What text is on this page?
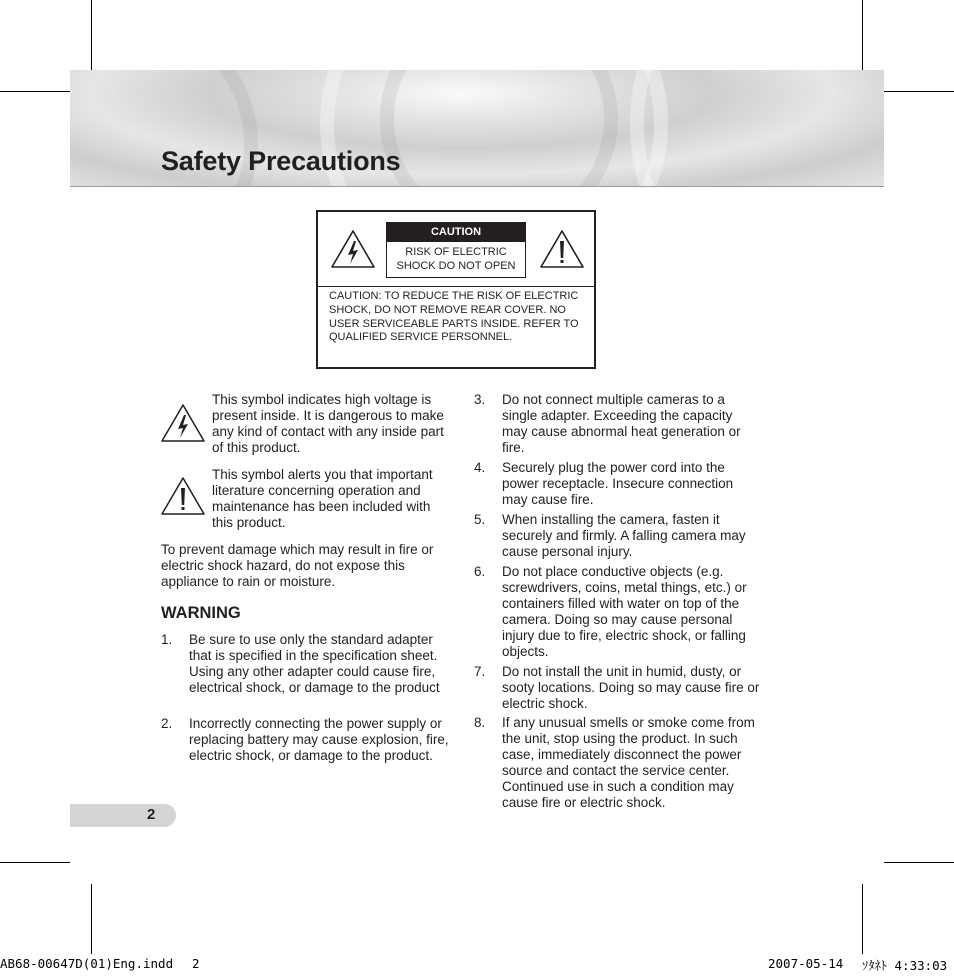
Safety Precautions
CAUTION
RISK OF ELECTRIC SHOCK DO NOT OPEN
CAUTION: TO REDUCE THE RISK OF ELECTRIC SHOCK, DO NOT REMOVE REAR COVER. NO USER SERVICEABLE PARTS INSIDE. REFER TO QUALIFIED SERVICE PERSONNEL.
This symbol indicates high voltage is present inside. It is dangerous to make any kind of contact with any inside part of this product.
This symbol alerts you that important literature concerning operation and maintenance has been included with this product.
To prevent damage which may result in fire or electric shock hazard, do not expose this appliance to rain or moisture.
WARNING
1. Be sure to use only the standard adapter that is specified in the specification sheet. Using any other adapter could cause fire, electrical shock, or damage to the product
2. Incorrectly connecting the power supply or replacing battery may cause explosion, fire, electric shock, or damage to the product.
3. Do not connect multiple cameras to a single adapter. Exceeding the capacity may cause abnormal heat generation or fire.
4. Securely plug the power cord into the power receptacle. Insecure connection may cause fire.
5. When installing the camera, fasten it securely and firmly. A falling camera may cause personal injury.
6. Do not place conductive objects (e.g. screwdrivers, coins, metal things, etc.) or containers filled with water on top of the camera. Doing so may cause personal injury due to fire, electric shock, or falling objects.
7. Do not install the unit in humid, dusty, or sooty locations. Doing so may cause fire or electric shock.
8. If any unusual smells or smoke come from the unit, stop using the product. In such case, immediately disconnect the power source and contact the service center. Continued use in such a condition may cause fire or electric shock.
2
AB68-00647D(01)Eng.indd 2	2007-05-14 ｿﾀﾈﾄ 4:33:03
